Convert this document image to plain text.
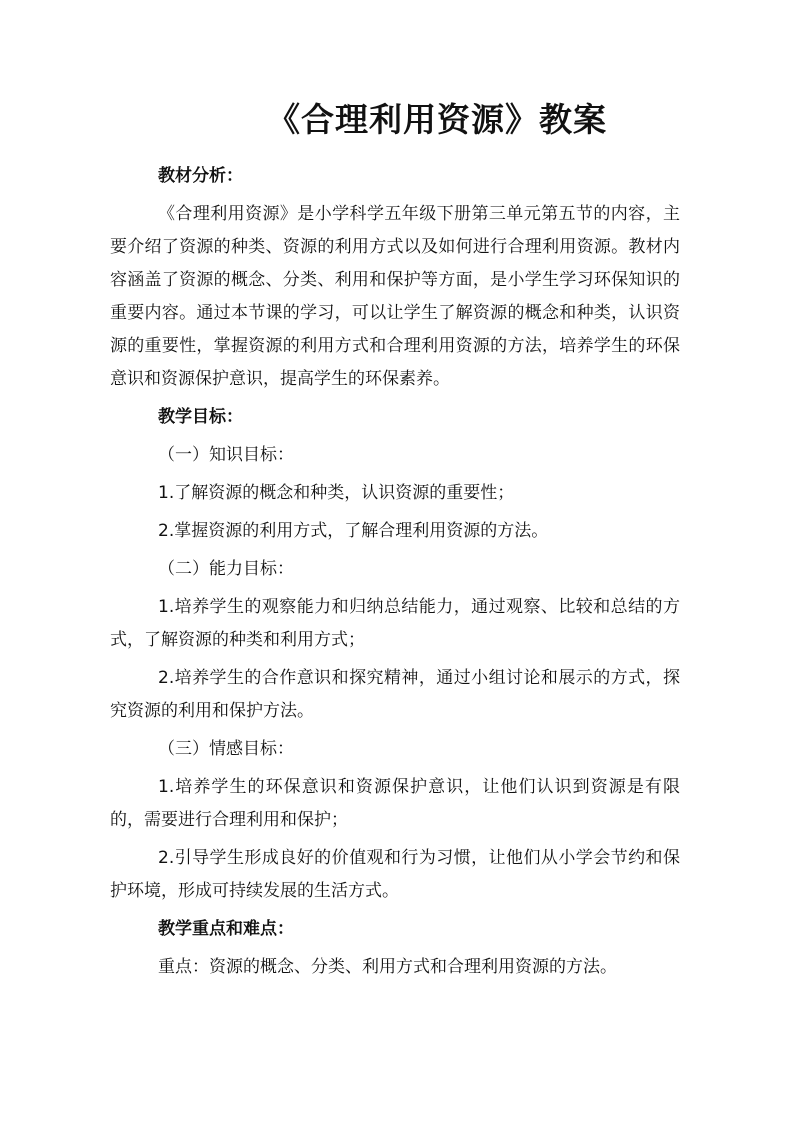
《合理利用资源》教案

教材分析：

《合理利用资源》是小学科学五年级下册第三单元第五节的内容，主要介绍了资源的种类、资源的利用方式以及如何进行合理利用资源。教材内容涵盖了资源的概念、分类、利用和保护等方面，是小学生学习环保知识的重要内容。通过本节课的学习，可以让学生了解资源的概念和种类，认识资源的重要性，掌握资源的利用方式和合理利用资源的方法，培养学生的环保意识和资源保护意识，提高学生的环保素养。

教学目标：

（一）知识目标：

1.了解资源的概念和种类，认识资源的重要性；

2.掌握资源的利用方式，了解合理利用资源的方法。

（二）能力目标：

1.培养学生的观察能力和归纳总结能力，通过观察、比较和总结的方式，了解资源的种类和利用方式；

2.培养学生的合作意识和探究精神，通过小组讨论和展示的方式，探究资源的利用和保护方法。

（三）情感目标：

1.培养学生的环保意识和资源保护意识，让他们认识到资源是有限的，需要进行合理利用和保护；

2.引导学生形成良好的价值观和行为习惯，让他们从小学会节约和保护环境，形成可持续发展的生活方式。

教学重点和难点：

重点：资源的概念、分类、利用方式和合理利用资源的方法。
